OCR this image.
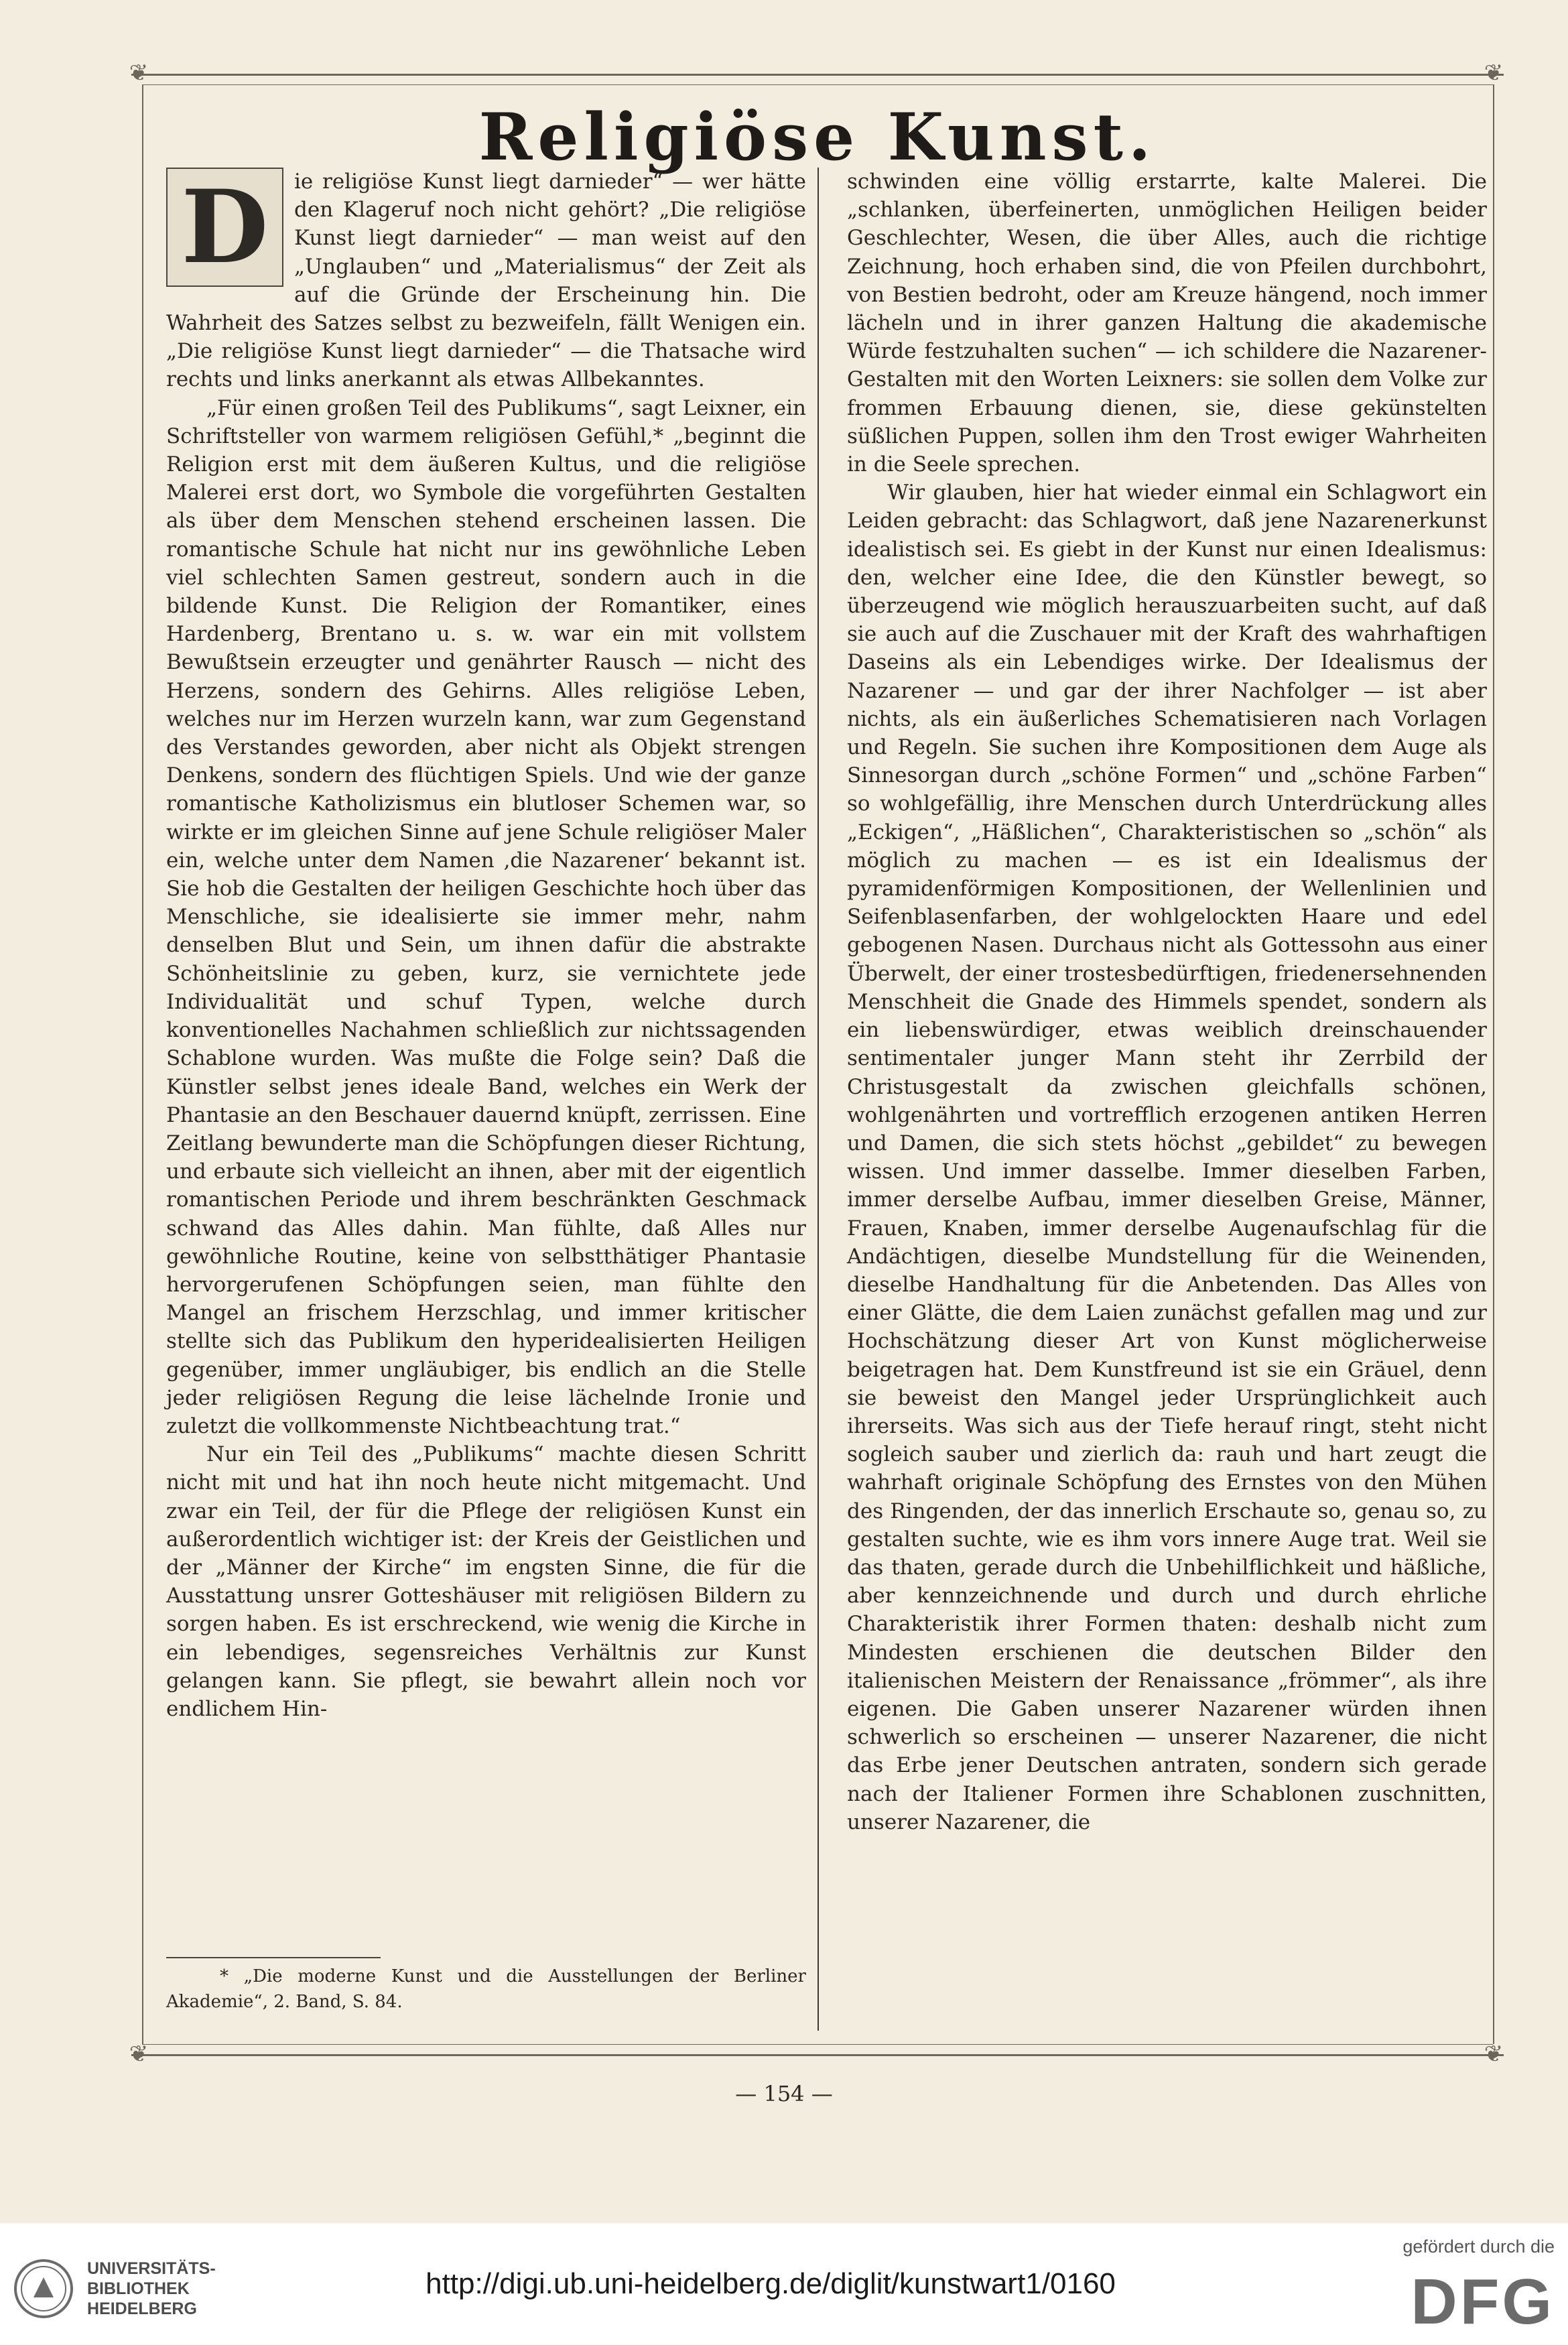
❦	❦
❦	❦
Religiöse Kunst.
D	ie religiöse Kunst liegt darnieder“ — wer hätte den Klageruf noch nicht gehört? „Die religiöse Kunst liegt darnieder“ — man weist auf den „Unglauben“ und „Materialismus“ der Zeit als auf die Gründe der Erscheinung hin. Die Wahrheit des Satzes selbst zu bezweifeln, fällt Wenigen ein. „Die religiöse Kunst liegt darnieder“ — die Thatsache wird rechts und links anerkannt als etwas Allbekanntes.

„Für einen großen Teil des Publikums“, sagt Leixner, ein Schriftsteller von warmem religiösen Gefühl,* „beginnt die Religion erst mit dem äußeren Kultus, und die religiöse Malerei erst dort, wo Symbole die vorgeführten Gestalten als über dem Menschen stehend erscheinen lassen. Die romantische Schule hat nicht nur ins gewöhnliche Leben viel schlechten Samen gestreut, sondern auch in die bildende Kunst. Die Religion der Romantiker, eines Hardenberg, Brentano u. s. w. war ein mit vollstem Bewußtsein erzeugter und genährter Rausch — nicht des Herzens, sondern des Gehirns. Alles religiöse Leben, welches nur im Herzen wurzeln kann, war zum Gegenstand des Verstandes geworden, aber nicht als Objekt strengen Denkens, sondern des flüchtigen Spiels. Und wie der ganze romantische Katholizismus ein blutloser Schemen war, so wirkte er im gleichen Sinne auf jene Schule religiöser Maler ein, welche unter dem Namen ‚die Nazarener‘ bekannt ist. Sie hob die Gestalten der heiligen Geschichte hoch über das Menschliche, sie idealisierte sie immer mehr, nahm denselben Blut und Sein, um ihnen dafür die abstrakte Schönheitslinie zu geben, kurz, sie vernichtete jede Individualität und schuf Typen, welche durch konventionelles Nachahmen schließlich zur nichtssagenden Schablone wurden. Was mußte die Folge sein? Daß die Künstler selbst jenes ideale Band, welches ein Werk der Phantasie an den Beschauer dauernd knüpft, zerrissen. Eine Zeitlang bewunderte man die Schöpfungen dieser Richtung, und erbaute sich vielleicht an ihnen, aber mit der eigentlich romantischen Periode und ihrem beschränkten Geschmack schwand das Alles dahin. Man fühlte, daß Alles nur gewöhnliche Routine, keine von selbstthätiger Phantasie hervorgerufenen Schöpfungen seien, man fühlte den Mangel an frischem Herzschlag, und immer kritischer stellte sich das Publikum den hyperidealisierten Heiligen gegenüber, immer ungläubiger, bis endlich an die Stelle jeder religiösen Regung die leise lächelnde Ironie und zuletzt die vollkommenste Nichtbeachtung trat.“

Nur ein Teil des „Publikums“ machte diesen Schritt nicht mit und hat ihn noch heute nicht mitgemacht. Und zwar ein Teil, der für die Pflege der religiösen Kunst ein außerordentlich wichtiger ist: der Kreis der Geistlichen und der „Männer der Kirche“ im engsten Sinne, die für die Ausstattung unsrer Gotteshäuser mit religiösen Bildern zu sorgen haben. Es ist erschreckend, wie wenig die Kirche in ein lebendiges, segensreiches Verhältnis zur Kunst gelangen kann. Sie pflegt, sie bewahrt allein noch vor endlichem Hin-

* „Die moderne Kunst und die Ausstellungen der Berliner Akademie“, 2. Band, S. 84.

schwinden eine völlig erstarrte, kalte Malerei. Die „schlanken, überfeinerten, unmöglichen Heiligen beider Geschlechter, Wesen, die über Alles, auch die richtige Zeichnung, hoch erhaben sind, die von Pfeilen durchbohrt, von Bestien bedroht, oder am Kreuze hängend, noch immer lächeln und in ihrer ganzen Haltung die akademische Würde festzuhalten suchen“ — ich schildere die Nazarener-Gestalten mit den Worten Leixners: sie sollen dem Volke zur frommen Erbauung dienen, sie, diese gekünstelten süßlichen Puppen, sollen ihm den Trost ewiger Wahrheiten in die Seele sprechen.

Wir glauben, hier hat wieder einmal ein Schlagwort ein Leiden gebracht: das Schlagwort, daß jene Nazarenerkunst idealistisch sei. Es giebt in der Kunst nur einen Idealismus: den, welcher eine Idee, die den Künstler bewegt, so überzeugend wie möglich herauszuarbeiten sucht, auf daß sie auch auf die Zuschauer mit der Kraft des wahrhaftigen Daseins als ein Lebendiges wirke. Der Idealismus der Nazarener — und gar der ihrer Nachfolger — ist aber nichts, als ein äußerliches Schematisieren nach Vorlagen und Regeln. Sie suchen ihre Kompositionen dem Auge als Sinnesorgan durch „schöne Formen“ und „schöne Farben“ so wohlgefällig, ihre Menschen durch Unterdrückung alles „Eckigen“, „Häßlichen“, Charakteristischen so „schön“ als möglich zu machen — es ist ein Idealismus der pyramidenförmigen Kompositionen, der Wellenlinien und Seifenblasenfarben, der wohlgelockten Haare und edel gebogenen Nasen. Durchaus nicht als Gottessohn aus einer Überwelt, der einer trostesbedürftigen, friedenersehnenden Menschheit die Gnade des Himmels spendet, sondern als ein liebenswürdiger, etwas weiblich dreinschauender sentimentaler junger Mann steht ihr Zerrbild der Christusgestalt da zwischen gleichfalls schönen, wohlgenährten und vortrefflich erzogenen antiken Herren und Damen, die sich stets höchst „gebildet“ zu bewegen wissen. Und immer dasselbe. Immer dieselben Farben, immer derselbe Aufbau, immer dieselben Greise, Männer, Frauen, Knaben, immer derselbe Augenaufschlag für die Andächtigen, dieselbe Mundstellung für die Weinenden, dieselbe Handhaltung für die Anbetenden. Das Alles von einer Glätte, die dem Laien zunächst gefallen mag und zur Hochschätzung dieser Art von Kunst möglicherweise beigetragen hat. Dem Kunstfreund ist sie ein Gräuel, denn sie beweist den Mangel jeder Ursprünglichkeit auch ihrerseits. Was sich aus der Tiefe herauf ringt, steht nicht sogleich sauber und zierlich da: rauh und hart zeugt die wahrhaft originale Schöpfung des Ernstes von den Mühen des Ringenden, der das innerlich Erschaute so, genau so, zu gestalten suchte, wie es ihm vors innere Auge trat. Weil sie das thaten, gerade durch die Unbehilflichkeit und häßliche, aber kennzeichnende und durch und durch ehrliche Charakteristik ihrer Formen thaten: deshalb nicht zum Mindesten erschienen die deutschen Bilder den italienischen Meistern der Renaissance „frömmer“, als ihre eigenen. Die Gaben unserer Nazarener würden ihnen schwerlich so erscheinen — unserer Nazarener, die nicht das Erbe jener Deutschen antraten, sondern sich gerade nach der Italiener Formen ihre Schablonen zuschnitten, unserer Nazarener, die

— 154 —
UNIVERSITÄTS-
BIBLIOTHEK
HEIDELBERG
http://digi.ub.uni-heidelberg.de/diglit/kunstwart1/0160
gefördert durch die
DFG
